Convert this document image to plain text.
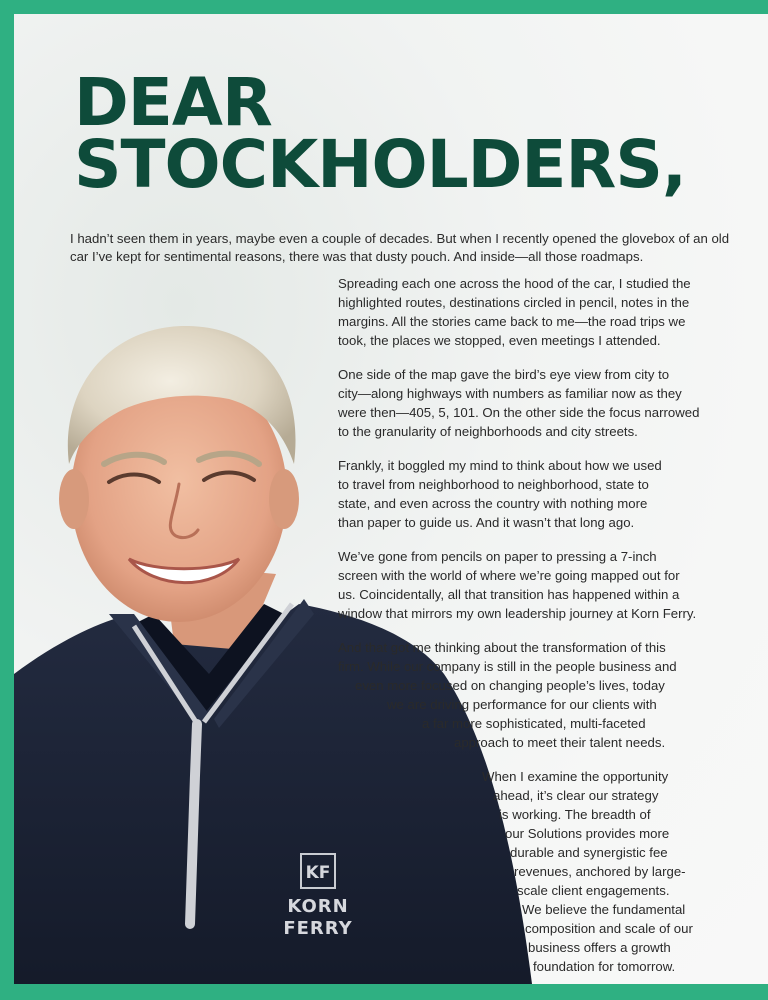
DEAR
STOCKHOLDERS,

I hadn’t seen them in years, maybe even a couple of decades. But when I recently opened the glovebox of an old car I’ve kept for sentimental reasons, there was that dusty pouch. And inside—all those roadmaps.

KF
KORN
FERRY

Spreading each one across the hood of the car, I studied the
highlighted routes, destinations circled in pencil, notes in the
margins. All the stories came back to me—the road trips we
took, the places we stopped, even meetings I attended.

One side of the map gave the bird’s eye view from city to
city—along highways with numbers as familiar now as they
were then—405, 5, 101. On the other side the focus narrowed
to the granularity of neighborhoods and city streets.

Frankly, it boggled my mind to think about how we used
to travel from neighborhood to neighborhood, state to
state, and even across the country with nothing more
than paper to guide us. And it wasn’t that long ago.

We’ve gone from pencils on paper to pressing a 7-inch
screen with the world of where we’re going mapped out for
us. Coincidentally, all that transition has happened within a
window that mirrors my own leadership journey at Korn Ferry.

And that got me thinking about the transformation of this
firm. While our company is still in the people business and
even more focused on changing people’s lives, today
we are driving performance for our clients with
a far more sophisticated, multi-faceted
approach to meet their talent needs.

When I examine the opportunity
ahead, it’s clear our strategy
is working. The breadth of
our Solutions provides more
durable and synergistic fee
revenues, anchored by large-
scale client engagements.
We believe the fundamental
composition and scale of our
business offers a growth
foundation for tomorrow.
